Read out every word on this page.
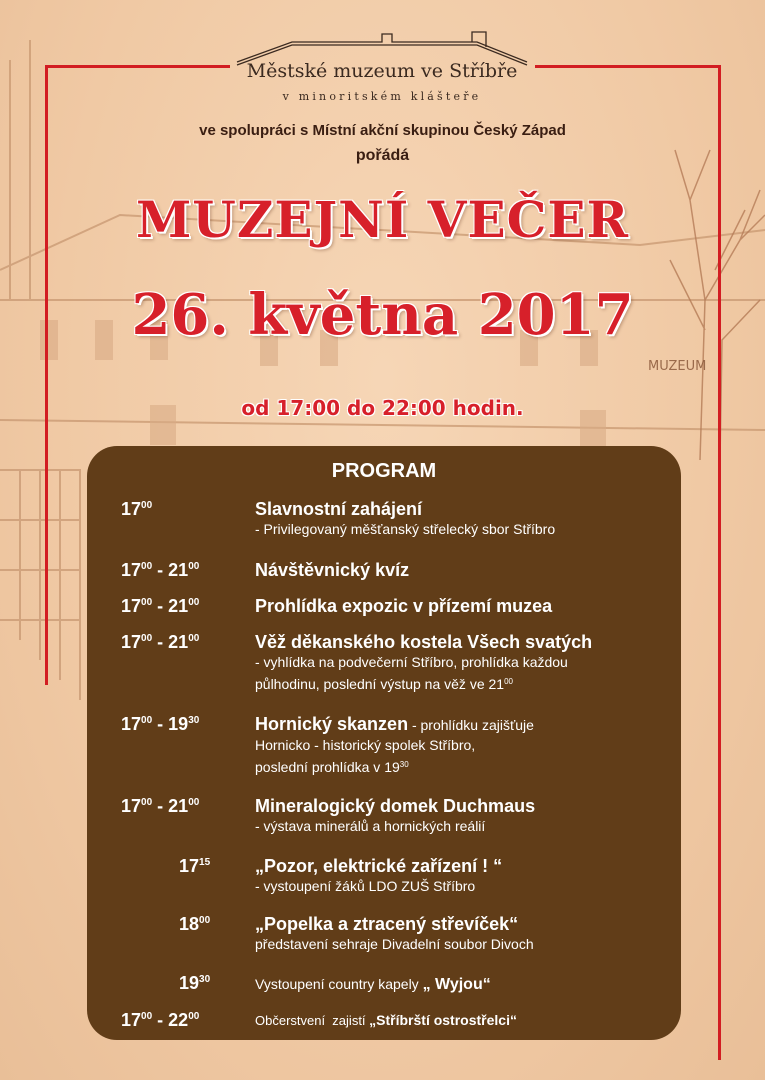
MUZEUM
Městské muzeum ve Stříbře
v minoritském klášteře
ve spolupráci s Místní akční skupinou Český Západ
pořádá
MUZEJNÍ VEČER
26. května 2017
od 17:00 do 22:00 hodin.
PROGRAM
$17^{00}$	Slavnostní zahájení
- Privilegovaný měšťanský střelecký sbor Stříbro
$17^{00} - 21^{00}$	Návštěvnický kvíz
$17^{00} - 21^{00}$	Prohlídka expozic v přízemí muzea
$17^{00} - 21^{00}$	Věž děkanského kostela Všech svatých
- vyhlídka na podvečerní Stříbro, prohlídka každou
půlhodinu, poslední výstup na věž ve $21^{00}$
$17^{00} - 19^{30}$	Hornický skanzen - prohlídku zajišťuje
Hornicko - historický spolek Stříbro,
poslední prohlídka v $19^{30}$
$17^{00} - 21^{00}$	Mineralogický domek Duchmaus
- výstava minerálů a hornických reálií
$17^{15}$ „Pozor, elektrické zařízení ! “
- vystoupení žáků LDO ZUŠ Stříbro
$18^{00}$ „Popelka a ztracený střevíček“
představení sehraje Divadelní soubor Divoch
$19^{30}$	Vystoupení country kapely „ Wyjou“
$17^{00} - 22^{00}$	Občerstvení  zajistí „Stříbrští ostrostřelci“
